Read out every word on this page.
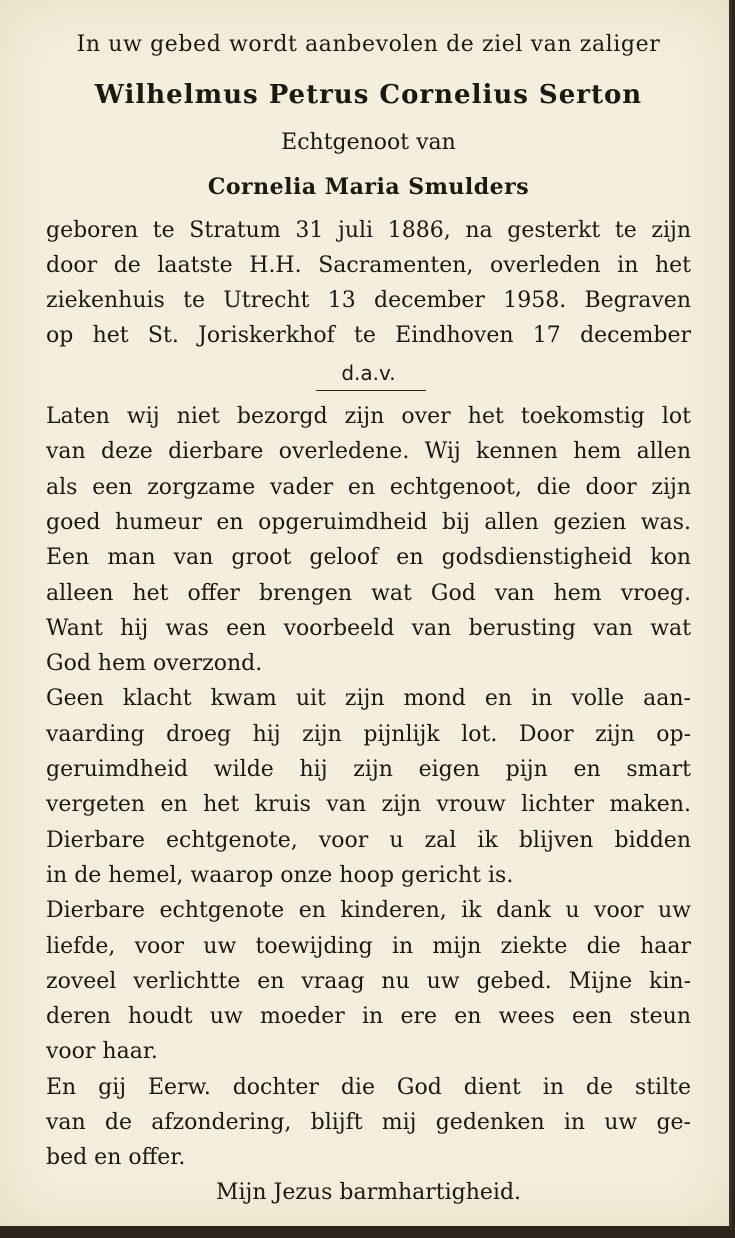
In uw gebed wordt aanbevolen de ziel van zaliger
Wilhelmus Petrus Cornelius Serton
Echtgenoot van
Cornelia Maria Smulders
geboren te Stratum 31 juli 1886, na gesterkt te zijn
door de laatste H.H. Sacramenten, overleden in het
ziekenhuis te Utrecht 13 december 1958. Begraven
op het St. Joriskerkhof te Eindhoven 17 december
d.a.v.
Laten wij niet bezorgd zijn over het toekomstig lot
van deze dierbare overledene. Wij kennen hem allen
als een zorgzame vader en echtgenoot, die door zijn
goed humeur en opgeruimdheid bij allen gezien was.
Een man van groot geloof en godsdienstigheid kon
alleen het offer brengen wat God van hem vroeg.
Want hij was een voorbeeld van berusting van wat
God hem overzond.
Geen klacht kwam uit zijn mond en in volle aan-
vaarding droeg hij zijn pijnlijk lot. Door zijn op-
geruimdheid wilde hij zijn eigen pijn en smart
vergeten en het kruis van zijn vrouw lichter maken.
Dierbare echtgenote, voor u zal ik blijven bidden
in de hemel, waarop onze hoop gericht is.
Dierbare echtgenote en kinderen, ik dank u voor uw
liefde, voor uw toewijding in mijn ziekte die haar
zoveel verlichtte en vraag nu uw gebed. Mijne kin-
deren houdt uw moeder in ere en wees een steun
voor haar.
En gij Eerw. dochter die God dient in de stilte
van de afzondering, blijft mij gedenken in uw ge-
bed en offer.
Mijn Jezus barmhartigheid.
